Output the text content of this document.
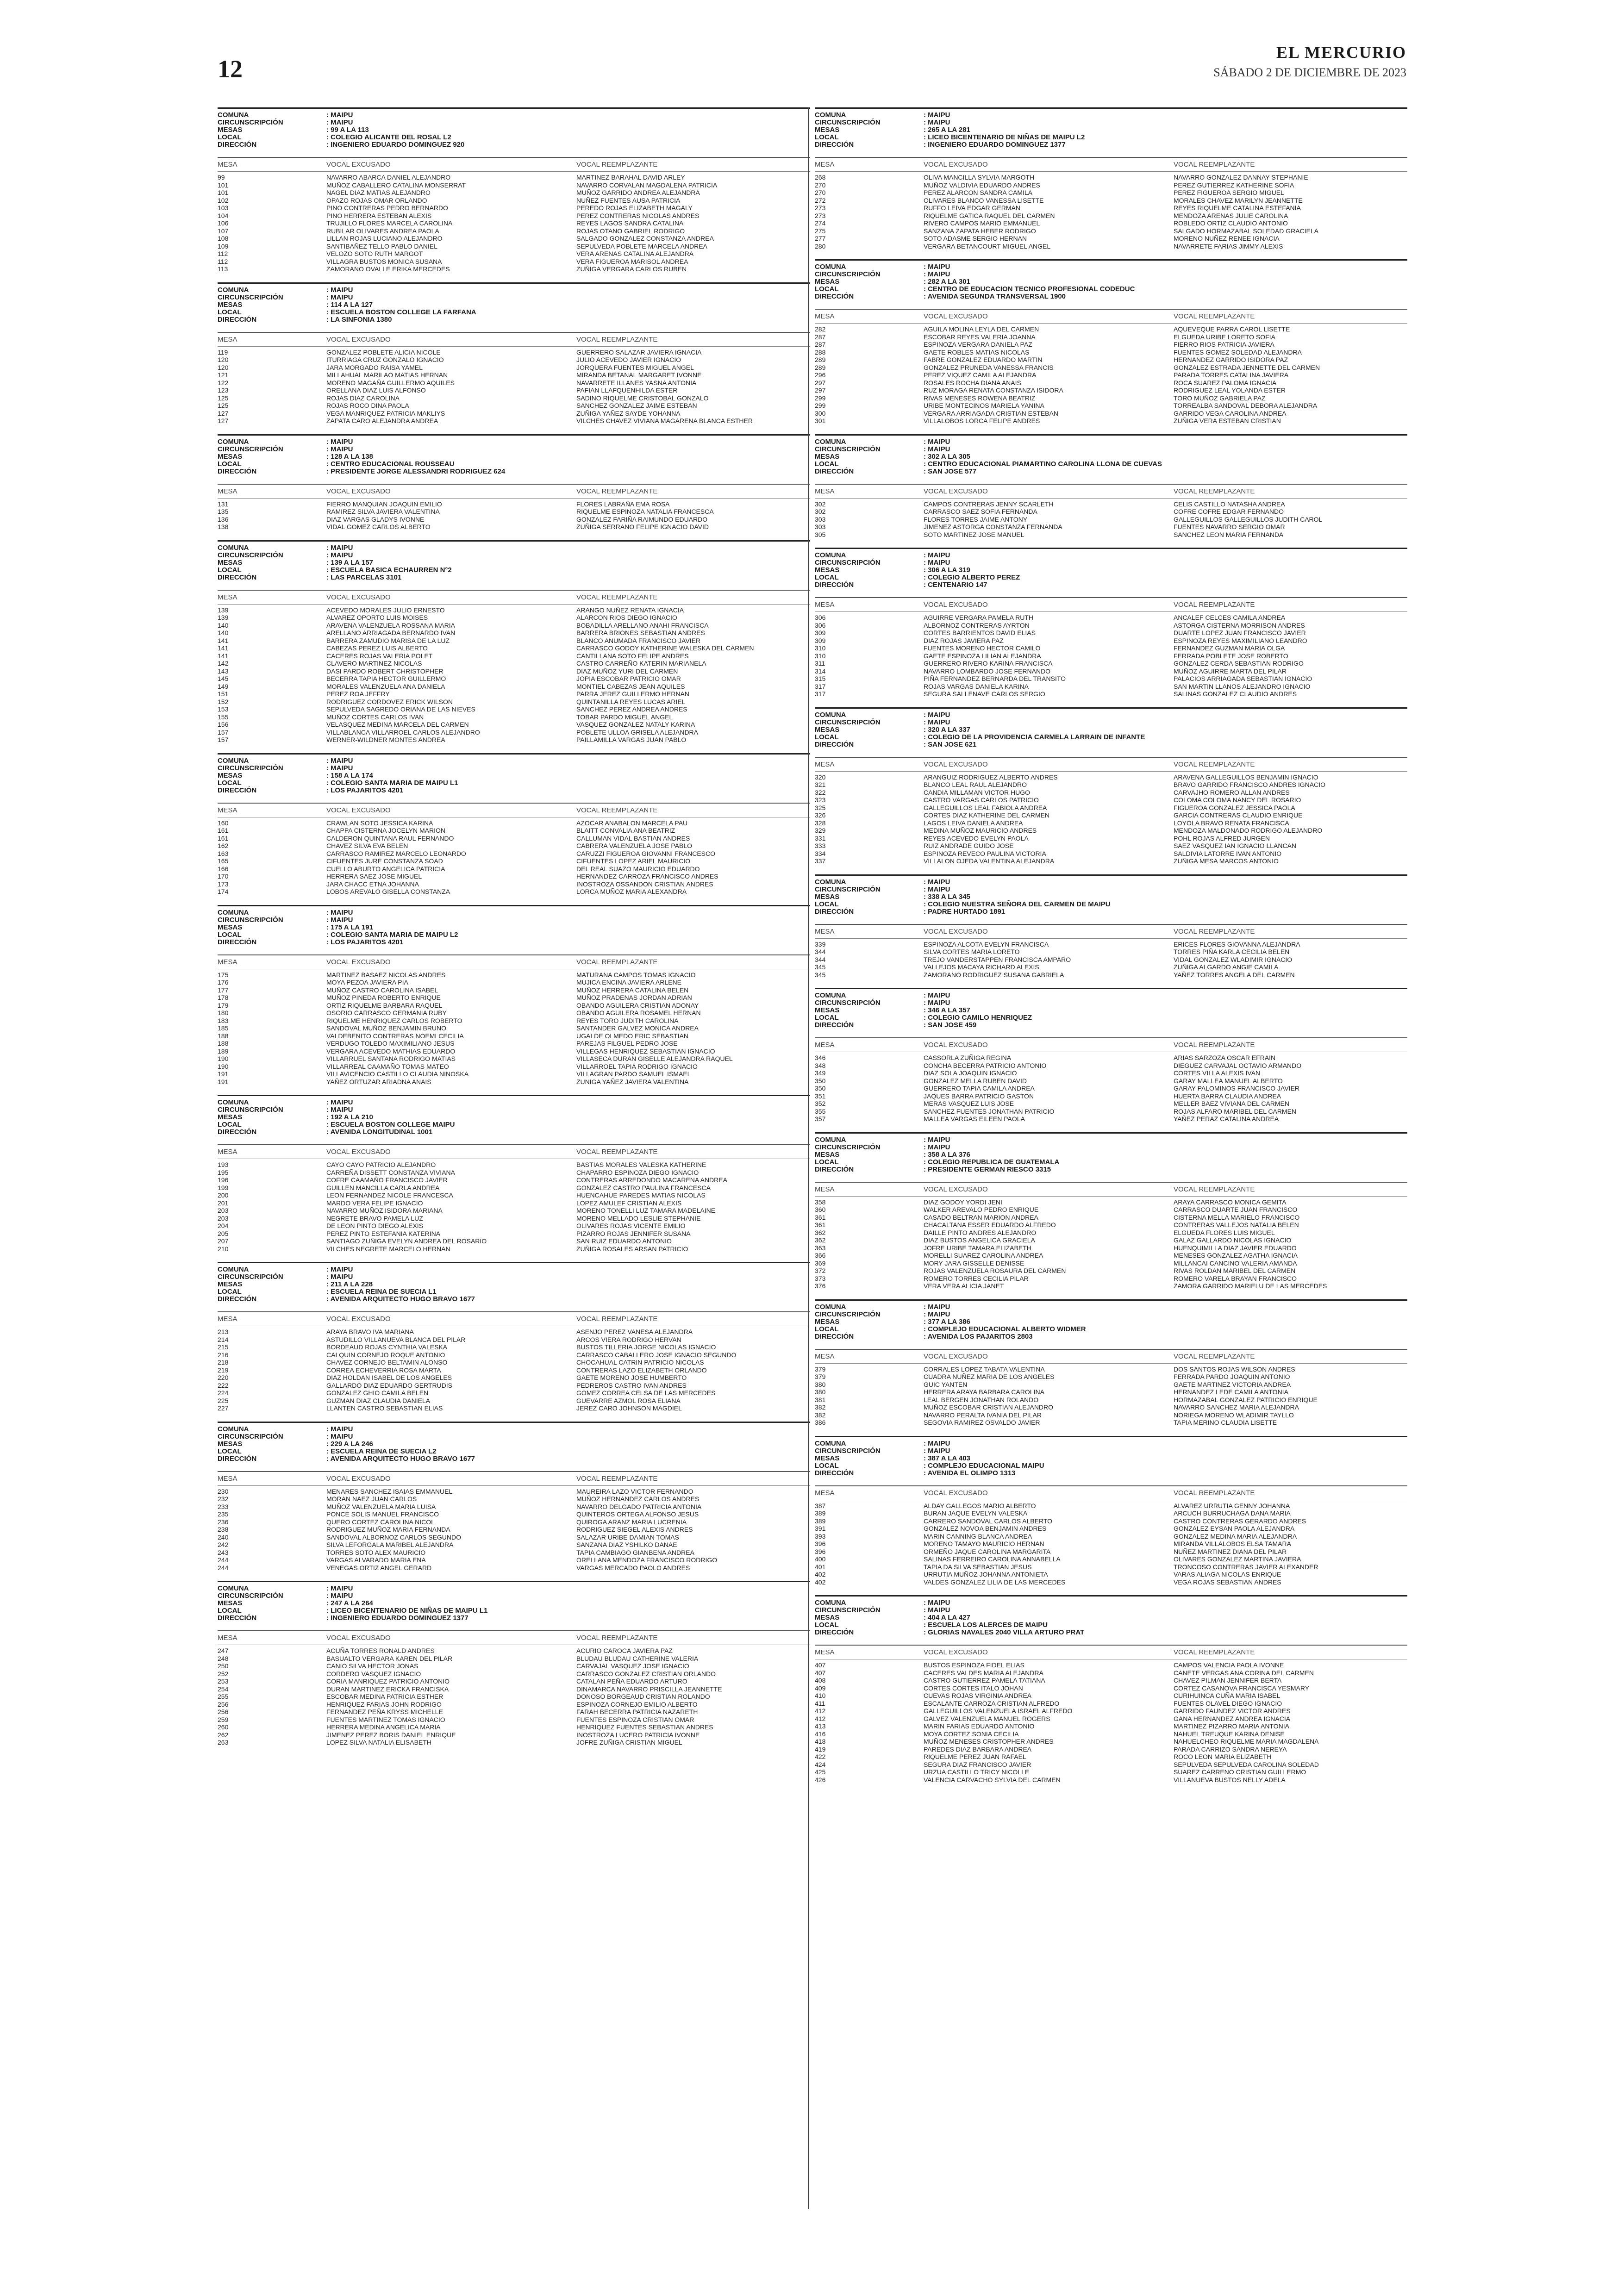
12
EL MERCURIO
SÁBADO 2 DE DICIEMBRE DE 2023
COMUNA	: MAIPU
CIRCUNSCRIPCIÓN	: MAIPU
MESAS	: 99 A LA 113
LOCAL	: COLEGIO ALICANTE DEL ROSAL L2
DIRECCIÓN	: INGENIERO EDUARDO DOMINGUEZ 920
MESA	VOCAL EXCUSADO	VOCAL REEMPLAZANTE
99	NAVARRO ABARCA DANIEL ALEJANDRO	MARTINEZ BARAHAL DAVID ARLEY
101	MUÑOZ CABALLERO CATALINA MONSERRAT	NAVARRO CORVALAN MAGDALENA PATRICIA
101	NAGEL DIAZ MATIAS ALEJANDRO	MUÑOZ GARRIDO ANDREA ALEJANDRA
102	OPAZO ROJAS OMAR ORLANDO	NUÑEZ FUENTES AUSA PATRICIA
103	PINO CONTRERAS PEDRO BERNARDO	PEREDO ROJAS ELIZABETH MAGALY
104	PINO HERRERA ESTEBAN ALEXIS	PEREZ CONTRERAS NICOLAS ANDRES
106	TRUJILLO FLORES MARCELA CAROLINA	REYES LAGOS SANDRA CATALINA
107	RUBILAR OLIVARES ANDREA PAOLA	ROJAS OTANO GABRIEL RODRIGO
108	LILLAN ROJAS LUCIANO ALEJANDRO	SALGADO GONZALEZ CONSTANZA ANDREA
109	SANTIBAÑEZ TELLO PABLO DANIEL	SEPULVEDA POBLETE MARCELA ANDREA
112	VELOZO SOTO RUTH MARGOT	VERA ARENAS CATALINA ALEJANDRA
112	VILLAGRA BUSTOS MONICA SUSANA	VERA FIGUEROA MARISOL ANDREA
113	ZAMORANO OVALLE ERIKA MERCEDES	ZUÑIGA VERGARA CARLOS RUBEN
COMUNA	: MAIPU
CIRCUNSCRIPCIÓN	: MAIPU
MESAS	: 114 A LA 127
LOCAL	: ESCUELA BOSTON COLLEGE LA FARFANA
DIRECCIÓN	: LA SINFONIA 1380
MESA	VOCAL EXCUSADO	VOCAL REEMPLAZANTE
119	GONZALEZ POBLETE ALICIA NICOLE	GUERRERO SALAZAR JAVIERA IGNACIA
120	ITURRIAGA CRUZ GONZALO IGNACIO	JULIO ACEVEDO JAVIER IGNACIO
120	JARA MORGADO RAISA YAMEL	JORQUERA FUENTES MIGUEL ANGEL
121	MILLAHUAL MARILAO MATIAS HERNAN	MIRANDA BETANAL MARGARET IVONNE
122	MORENO MAGAÑA GUILLERMO AQUILES	NAVARRETE ILLANES YASNA ANTONIA
123	ORELLANA DIAZ LUIS ALFONSO	PAFIAN LLAFQUENHILDA ESTER
125	ROJAS DIAZ CAROLINA	SADINO RIQUELME CRISTOBAL GONZALO
125	ROJAS ROCO DINA PAOLA	SANCHEZ GONZALEZ JAIME ESTEBAN
127	VEGA MANRIQUEZ PATRICIA MAKLIYS	ZUÑIGA YAÑEZ SAYDE YOHANNA
127	ZAPATA CARO ALEJANDRA ANDREA	VILCHES CHAVEZ VIVIANA MAGARENA BLANCA ESTHER
COMUNA	: MAIPU
CIRCUNSCRIPCIÓN	: MAIPU
MESAS	: 128 A LA 138
LOCAL	: CENTRO EDUCACIONAL ROUSSEAU
DIRECCIÓN	: PRESIDENTE JORGE ALESSANDRI RODRIGUEZ 624
MESA	VOCAL EXCUSADO	VOCAL REEMPLAZANTE
131	FIERRO MANQUIAN JOAQUIN EMILIO	FLORES LABRAÑA EMA ROSA
135	RAMIREZ SILVA JAVIERA VALENTINA	RIQUELME ESPINOZA NATALIA FRANCESCA
136	DIAZ VARGAS GLADYS IVONNE	GONZALEZ FARIÑA RAIMUNDO EDUARDO
138	VIDAL GOMEZ CARLOS ALBERTO	ZUÑIGA SERRANO FELIPE IGNACIO DAVID
COMUNA	: MAIPU
CIRCUNSCRIPCIÓN	: MAIPU
MESAS	: 139 A LA 157
LOCAL	: ESCUELA BASICA ECHAURREN N°2
DIRECCIÓN	: LAS PARCELAS 3101
MESA	VOCAL EXCUSADO	VOCAL REEMPLAZANTE
139	ACEVEDO MORALES JULIO ERNESTO	ARANGO NUÑEZ RENATA IGNACIA
139	ALVAREZ OPORTO LUIS MOISES	ALARCON RIOS DIEGO IGNACIO
140	ARAVENA VALENZUELA ROSSANA MARIA	BOBADILLA ARELLANO ANAHI FRANCISCA
140	ARELLANO ARRIAGADA BERNARDO IVAN	BARRERA BRIONES SEBASTIAN ANDRES
141	BARRERA ZAMUDIO MARISA DE LA LUZ	BLANCO ANUMADA FRANCISCO JAVIER
141	CABEZAS PEREZ LUIS ALBERTO	CARRASCO GODOY KATHERINE WALESKA DEL CARMEN
141	CACERES ROJAS VALERIA POLET	CANTILLANA SOTO FELIPE ANDRES
142	CLAVERO MARTINEZ NICOLAS	CASTRO CARREÑO KATERIN MARIANELA
143	DASI PARDO ROBERT CHRISTOPHER	DIAZ MUÑOZ YURI DEL CARMEN
145	BECERRA TAPIA HECTOR GUILLERMO	JOPIA ESCOBAR PATRICIO OMAR
149	MORALES VALENZUELA ANA DANIELA	MONTIEL CABEZAS JEAN AQUILES
151	PEREZ ROA JEFFRY	PARRA JEREZ GUILLERMO HERNAN
152	RODRIGUEZ CORDOVEZ ERICK WILSON	QUINTANILLA REYES LUCAS ARIEL
153	SEPULVEDA SAGREDO ORIANA DE LAS NIEVES	SANCHEZ PEREZ ANDREA ANDRES
155	MUÑOZ CORTES CARLOS IVAN	TOBAR PARDO MIGUEL ANGEL
156	VELASQUEZ MEDINA MARCELA DEL CARMEN	VASQUEZ GONZALEZ NATALY KARINA
157	VILLABLANCA VILLARROEL CARLOS ALEJANDRO	POBLETE ULLOA GRISELA ALEJANDRA
157	WERNER-WILDNER MONTES ANDREA	PAILLAMILLA VARGAS JUAN PABLO
COMUNA	: MAIPU
CIRCUNSCRIPCIÓN	: MAIPU
MESAS	: 158 A LA 174
LOCAL	: COLEGIO SANTA MARIA DE MAIPU L1
DIRECCIÓN	: LOS PAJARITOS 4201
MESA	VOCAL EXCUSADO	VOCAL REEMPLAZANTE
160	CRAWLAN SOTO JESSICA KARINA	AZOCAR ANABALON MARCELA PAU
161	CHAPPA CISTERNA JOCELYN MARION	BLAITT CONVALIA ANA BEATRIZ
161	CALDERON QUINTANA RAUL FERNANDO	CALLUMAN VIDAL BASTIAN ANDRES
162	CHAVEZ SILVA EVA BELEN	CABRERA VALENZUELA JOSE PABLO
163	CARRASCO RAMIREZ MARCELO LEONARDO	CARUZZI FIGUEROA GIOVANNI FRANCESCO
165	CIFUENTES JURE CONSTANZA SOAD	CIFUENTES LOPEZ ARIEL MAURICIO
166	CUELLO ABURTO ANGELICA PATRICIA	DEL REAL SUAZO MAURICIO EDUARDO
170	HERRERA SAEZ JOSE MIGUEL	HERNANDEZ CARROZA FRANCISCO ANDRES
173	JARA CHACC ETNA JOHANNA	INOSTROZA OSSANDON CRISTIAN ANDRES
174	LOBOS AREVALO GISELLA CONSTANZA	LORCA MUÑOZ MARIA ALEXANDRA
COMUNA	: MAIPU
CIRCUNSCRIPCIÓN	: MAIPU
MESAS	: 175 A LA 191
LOCAL	: COLEGIO SANTA MARIA DE MAIPU L2
DIRECCIÓN	: LOS PAJARITOS 4201
MESA	VOCAL EXCUSADO	VOCAL REEMPLAZANTE
175	MARTINEZ BASAEZ NICOLAS ANDRES	MATURANA CAMPOS TOMAS IGNACIO
176	MOYA PEZOA JAVIERA PIA	MUJICA ENCINA JAVIERA ARLENE
177	MUÑOZ CASTRO CAROLINA ISABEL	MUÑOZ HERRERA CATALINA BELEN
178	MUÑOZ PINEDA ROBERTO ENRIQUE	MUÑOZ PRADENAS JORDAN ADRIAN
179	ORTIZ RIQUELME BARBARA RAQUEL	OBANDO AGUILERA CRISTIAN ADONAY
180	OSORIO CARRASCO GERMANIA RUBY	OBANDO AGUILERA ROSAMEL HERNAN
183	RIQUELME HENRIQUEZ CARLOS ROBERTO	REYES TORO JUDITH CAROLINA
185	SANDOVAL MUÑOZ BENJAMIN BRUNO	SANTANDER GALVEZ MONICA ANDREA
188	VALDEBENITO CONTRERAS NOEMI CECILIA	UGALDE OLMEDO ERIC SEBASTIAN
188	VERDUGO TOLEDO MAXIMILIANO JESUS	PAREJAS FILGUEL PEDRO JOSE
189	VERGARA ACEVEDO MATHIAS EDUARDO	VILLEGAS HENRIQUEZ SEBASTIAN IGNACIO
190	VILLARRUEL SANTANA RODRIGO MATIAS	VILLASECA DURAN GISELLE ALEJANDRA RAQUEL
190	VILLARREAL CAAMAÑO TOMAS MATEO	VILLARROEL TAPIA RODRIGO IGNACIO
191	VILLAVICENCIO CASTILLO CLAUDIA NINOSKA	VILLAGRAN PARDO SAMUEL ISMAEL
191	YAÑEZ ORTUZAR ARIADNA ANAIS	ZUNIGA YAÑEZ JAVIERA VALENTINA
COMUNA	: MAIPU
CIRCUNSCRIPCIÓN	: MAIPU
MESAS	: 192 A LA 210
LOCAL	: ESCUELA BOSTON COLLEGE MAIPU
DIRECCIÓN	: AVENIDA LONGITUDINAL 1001
MESA	VOCAL EXCUSADO	VOCAL REEMPLAZANTE
193	CAYO CAYO PATRICIO ALEJANDRO	BASTIAS MORALES VALESKA KATHERINE
195	CARREÑA DISSETT CONSTANZA VIVIANA	CHAPARRO ESPINOZA DIEGO IGNACIO
196	COFRE CAAMAÑO FRANCISCO JAVIER	CONTRERAS ARREDONDO MACARENA ANDREA
199	GUILLEN MANCILLA CARLA ANDREA	GONZALEZ CASTRO PAULINA FRANCESCA
200	LEON FERNANDEZ NICOLE FRANCESCA	HUENCAHUE PAREDES MATIAS NICOLAS
201	MARDO VERA FELIPE IGNACIO	LOPEZ AMULEF CRISTIAN ALEXIS
203	NAVARRO MUÑOZ ISIDORA MARIANA	MORENO TONELLI LUZ TAMARA MADELAINE
203	NEGRETE BRAVO PAMELA LUZ	MORENO MELLADO LESLIE STEPHANIE
204	DE LEON PINTO DIEGO ALEXIS	OLIVARES ROJAS VICENTE EMILIO
205	PEREZ PINTO ESTEFANIA KATERINA	PIZARRO ROJAS JENNIFER SUSANA
207	SANTIAGO ZUÑIGA EVELYN ANDREA DEL ROSARIO	SAN RUIZ EDUARDO ANTONIO
210	VILCHES NEGRETE MARCELO HERNAN	ZUÑIGA ROSALES ARSAN PATRICIO
COMUNA	: MAIPU
CIRCUNSCRIPCIÓN	: MAIPU
MESAS	: 211 A LA 228
LOCAL	: ESCUELA REINA DE SUECIA L1
DIRECCIÓN	: AVENIDA ARQUITECTO HUGO BRAVO 1677
MESA	VOCAL EXCUSADO	VOCAL REEMPLAZANTE
213	ARAYA BRAVO IVA MARIANA	ASENJO PEREZ VANESA ALEJANDRA
214	ASTUDILLO VILLANUEVA BLANCA DEL PILAR	ARCOS VIERA RODRIGO HERVAN
215	BORDEAUD ROJAS CYNTHIA VALESKA	BUSTOS TILLERIA JORGE NICOLAS IGNACIO
216	CALQUIN CORNEJO ROQUE ANTONIO	CARRASCO CABALLERO JOSE IGNACIO SEGUNDO
218	CHAVEZ CORNEJO BELTAMIN ALONSO	CHOCAHUAL CATRIN PATRICIO NICOLAS
219	CORREA ECHEVERRIA ROSA MARTA	CONTRERAS LAZO ELIZABETH ORLANDO
220	DIAZ HOLDAN ISABEL DE LOS ANGELES	GAETE MORENO JOSE HUMBERTO
222	GALLARDO DIAZ EDUARDO GERTRUDIS	PEDREROS CASTRO IVAN ANDRES
224	GONZALEZ GHIO CAMILA BELEN	GOMEZ CORREA CELSA DE LAS MERCEDES
225	GUZMAN DIAZ CLAUDIA DANIELA	GUEVARRE AZMOL ROSA ELIANA
227	LLANTEN CASTRO SEBASTIAN ELIAS	JEREZ CARO JOHNSON MAGDIEL
COMUNA	: MAIPU
CIRCUNSCRIPCIÓN	: MAIPU
MESAS	: 229 A LA 246
LOCAL	: ESCUELA REINA DE SUECIA L2
DIRECCIÓN	: AVENIDA ARQUITECTO HUGO BRAVO 1677
MESA	VOCAL EXCUSADO	VOCAL REEMPLAZANTE
230	MENARES SANCHEZ ISAIAS EMMANUEL	MAUREIRA LAZO VICTOR FERNANDO
232	MORAN NAEZ JUAN CARLOS	MUÑOZ HERNANDEZ CARLOS ANDRES
233	MUÑOZ VALENZUELA MARIA LUISA	NAVARRO DELGADO PATRICIA ANTONIA
235	PONCE SOLIS MANUEL FRANCISCO	QUINTEROS ORTEGA ALFONSO JESUS
236	QUERO CORTEZ CAROLINA NICOL	QUIROGA ARANZ MARIA LUCRENIA
238	RODRIGUEZ MUÑOZ MARIA FERNANDA	RODRIGUEZ SIEGEL ALEXIS ANDRES
240	SANDOVAL ALBORNOZ CARLOS SEGUNDO	SALAZAR URIBE DAMIAN TOMAS
242	SILVA LEFORGALA MARIBEL ALEJANDRA	SANZANA DIAZ YSHILKO DANAE
243	TORRES SOTO ALEX MAURICIO	TAPIA CAMBIAGO GIANBENA ANDREA
244	VARGAS ALVARADO MARIA ENA	ORELLANA MENDOZA FRANCISCO RODRIGO
244	VENEGAS ORTIZ ANGEL GERARD	VARGAS MERCADO PAOLO ANDRES
COMUNA	: MAIPU
CIRCUNSCRIPCIÓN	: MAIPU
MESAS	: 247 A LA 264
LOCAL	: LICEO BICENTENARIO DE NIÑAS DE MAIPU L1
DIRECCIÓN	: INGENIERO EDUARDO DOMINGUEZ 1377
MESA	VOCAL EXCUSADO	VOCAL REEMPLAZANTE
247	ACUÑA TORRES RONALD ANDRES	ACURIO CAROCA JAVIERA PAZ
248	BASUALTO VERGARA KAREN DEL PILAR	BLUDAU BLUDAU CATHERINE VALERIA
250	CANIO SILVA HECTOR JONAS	CARVAJAL VASQUEZ JOSE IGNACIO
252	CORDERO VASQUEZ IGNACIO	CARRASCO GONZALEZ CRISTIAN ORLANDO
253	CORIA MANRIQUEZ PATRICIO ANTONIO	CATALAN PEÑA EDUARDO ARTURO
254	DURAN MARTINEZ ERICKA FRANCISKA	DINAMARCA NAVARRO PRISCILLA JEANNETTE
255	ESCOBAR MEDINA PATRICIA ESTHER	DONOSO BORGEAUD CRISTIAN ROLANDO
256	HENRIQUEZ FARIAS JOHN RODRIGO	ESPINOZA CORNEJO EMILIO ALBERTO
256	FERNANDEZ PEÑA KRYSS MICHELLE	FARAH BECERRA PATRICIA NAZARETH
259	FUENTES MARTINEZ TOMAS IGNACIO	FUENTES ESPINOZA CRISTIAN OMAR
260	HERRERA MEDINA ANGELICA MARIA	HENRIQUEZ FUENTES SEBASTIAN ANDRES
262	JIMENEZ PEREZ BORIS DANIEL ENRIQUE	INOSTROZA LUCERO PATRICIA IVONNE
263	LOPEZ SILVA NATALIA ELISABETH	JOFRE ZUÑIGA CRISTIAN MIGUEL
COMUNA	: MAIPU
CIRCUNSCRIPCIÓN	: MAIPU
MESAS	: 265 A LA 281
LOCAL	: LICEO BICENTENARIO DE NIÑAS DE MAIPU L2
DIRECCIÓN	: INGENIERO EDUARDO DOMINGUEZ 1377
MESA	VOCAL EXCUSADO	VOCAL REEMPLAZANTE
268	OLIVA MANCILLA SYLVIA MARGOTH	NAVARRO GONZALEZ DANNAY STEPHANIE
270	MUÑOZ VALDIVIA EDUARDO ANDRES	PEREZ GUTIERREZ KATHERINE SOFIA
270	PEREZ ALARCON SANDRA CAMILA	PEREZ FIGUEROA SERGIO MIGUEL
272	OLIVARES BLANCO VANESSA LISETTE	MORALES CHAVEZ MARILYN JEANNETTE
273	RUFFO LEIVA EDGAR GERMAN	REYES RIQUELME CATALINA ESTEFANIA
273	RIQUELME GATICA RAQUEL DEL CARMEN	MENDOZA ARENAS JULIE CAROLINA
274	RIVERO CAMPOS MARIO EMMANUEL	ROBLEDO ORTIZ CLAUDIO ANTONIO
275	SANZANA ZAPATA HEBER RODRIGO	SALGADO HORMAZABAL SOLEDAD GRACIELA
277	SOTO ADASME SERGIO HERNAN	MORENO NUÑEZ RENEE IGNACIA
280	VERGARA BETANCOURT MIGUEL ANGEL	NAVARRETE FARIAS JIMMY ALEXIS
COMUNA	: MAIPU
CIRCUNSCRIPCIÓN	: MAIPU
MESAS	: 282 A LA 301
LOCAL	: CENTRO DE EDUCACION TECNICO PROFESIONAL CODEDUC
DIRECCIÓN	: AVENIDA SEGUNDA TRANSVERSAL 1900
MESA	VOCAL EXCUSADO	VOCAL REEMPLAZANTE
282	AGUILA MOLINA LEYLA DEL CARMEN	AQUEVEQUE PARRA CAROL LISETTE
287	ESCOBAR REYES VALERIA JOANNA	ELGUEDA URIBE LORETO SOFIA
287	ESPINOZA VERGARA DANIELA PAZ	FIERRO RIOS PATRICIA JAVIERA
288	GAETE ROBLES MATIAS NICOLAS	FUENTES GOMEZ SOLEDAD ALEJANDRA
289	FABRE GONZALEZ EDUARDO MARTIN	HERNANDEZ GARRIDO ISIDORA PAZ
289	GONZALEZ PRUNEDA VANESSA FRANCIS	GONZALEZ ESTRADA JENNETTE DEL CARMEN
296	PEREZ VIQUEZ CAMILA ALEJANDRA	PARADA TORRES CATALINA JAVIERA
297	ROSALES ROCHA DIANA ANAIS	ROCA SUAREZ PALOMA IGNACIA
297	RUZ MORAGA RENATA CONSTANZA ISIDORA	RODRIGUEZ LEAL YOLANDA ESTER
299	RIVAS MENESES ROWENA BEATRIZ	TORO MUÑOZ GABRIELA PAZ
299	URIBE MONTECINOS MARIELA YANINA	TORREALBA SANDOVAL DEBORA ALEJANDRA
300	VERGARA ARRIAGADA CRISTIAN ESTEBAN	GARRIDO VEGA CAROLINA ANDREA
301	VILLALOBOS LORCA FELIPE ANDRES	ZUÑIGA VERA ESTEBAN CRISTIAN
COMUNA	: MAIPU
CIRCUNSCRIPCIÓN	: MAIPU
MESAS	: 302 A LA 305
LOCAL	: CENTRO EDUCACIONAL PIAMARTINO CAROLINA LLONA DE CUEVAS
DIRECCIÓN	: SAN JOSE 577
MESA	VOCAL EXCUSADO	VOCAL REEMPLAZANTE
302	CAMPOS CONTRERAS JENNY SCARLETH	CELIS CASTILLO NATASHA ANDREA
302	CARRASCO SAEZ SOFIA FERNANDA	COFRE COFRE EDGAR FERNANDO
303	FLORES TORRES JAIME ANTONY	GALLEGUILLOS GALLEGUILLOS JUDITH CAROL
303	JIMENEZ ASTORGA CONSTANZA FERNANDA	FUENTES NAVARRO SERGIO OMAR
305	SOTO MARTINEZ JOSE MANUEL	SANCHEZ LEON MARIA FERNANDA
COMUNA	: MAIPU
CIRCUNSCRIPCIÓN	: MAIPU
MESAS	: 306 A LA 319
LOCAL	: COLEGIO ALBERTO PEREZ
DIRECCIÓN	: CENTENARIO 147
MESA	VOCAL EXCUSADO	VOCAL REEMPLAZANTE
306	AGUIRRE VERGARA PAMELA RUTH	ANCALEF CELCES CAMILA ANDREA
306	ALBORNOZ CONTRERAS AYRTON	ASTORGA CISTERNA MORRISON ANDRES
309	CORTES BARRIENTOS DAVID ELIAS	DUARTE LOPEZ JUAN FRANCISCO JAVIER
309	DIAZ ROJAS JAVIERA PAZ	ESPINOZA REYES MAXIMILIANO LEANDRO
310	FUENTES MORENO HECTOR CAMILO	FERNANDEZ GUZMAN MARIA OLGA
310	GAETE ESPINOZA LILIAN ALEJANDRA	FERRADA POBLETE JOSE ROBERTO
311	GUERRERO RIVERO KARINA FRANCISCA	GONZALEZ CERDA SEBASTIAN RODRIGO
314	NAVARRO LOMBARDO JOSE FERNANDO	MUÑOZ AGUIRRE MARTA DEL PILAR
315	PIÑA FERNANDEZ BERNARDA DEL TRANSITO	PALACIOS ARRIAGADA SEBASTIAN IGNACIO
317	ROJAS VARGAS DANIELA KARINA	SAN MARTIN LLANOS ALEJANDRO IGNACIO
317	SEGURA SALLENAVE CARLOS SERGIO	SALINAS GONZALEZ CLAUDIO ANDRES
COMUNA	: MAIPU
CIRCUNSCRIPCIÓN	: MAIPU
MESAS	: 320 A LA 337
LOCAL	: COLEGIO DE LA PROVIDENCIA CARMELA LARRAIN DE INFANTE
DIRECCIÓN	: SAN JOSE 621
MESA	VOCAL EXCUSADO	VOCAL REEMPLAZANTE
320	ARANGUIZ RODRIGUEZ ALBERTO ANDRES	ARAVENA GALLEGUILLOS BENJAMIN IGNACIO
321	BLANCO LEAL RAUL ALEJANDRO	BRAVO GARRIDO FRANCISCO ANDRES IGNACIO
322	CANDIA MILLAMAN VICTOR HUGO	CARVAJHO ROMERO ALLAN ANDRES
323	CASTRO VARGAS CARLOS PATRICIO	COLOMA COLOMA NANCY DEL ROSARIO
325	GALLEGUILLOS LEAL FABIOLA ANDREA	FIGUEROA GONZALEZ JESSICA PAOLA
326	CORTES DIAZ KATHERINE DEL CARMEN	GARCIA CONTRERAS CLAUDIO ENRIQUE
328	LAGOS LEIVA DANIELA ANDREA	LOYOLA BRAVO RENATA FRANCISCA
329	MEDINA MUÑOZ MAURICIO ANDRES	MENDOZA MALDONADO RODRIGO ALEJANDRO
331	REYES ACEVEDO EVELYN PAOLA	POHL ROJAS ALFRED JURGEN
333	RUIZ ANDRADE GUIDO JOSE	SAEZ VASQUEZ IAN IGNACIO LLANCAN
334	ESPINOZA REVECO PAULINA VICTORIA	SALDIVIA LATORRE IVAN ANTONIO
337	VILLALON OJEDA VALENTINA ALEJANDRA	ZUÑIGA MESA MARCOS ANTONIO
COMUNA	: MAIPU
CIRCUNSCRIPCIÓN	: MAIPU
MESAS	: 338 A LA 345
LOCAL	: COLEGIO NUESTRA SEÑORA DEL CARMEN DE MAIPU
DIRECCIÓN	: PADRE HURTADO 1891
MESA	VOCAL EXCUSADO	VOCAL REEMPLAZANTE
339	ESPINOZA ALCOTA EVELYN FRANCISCA	ERICES FLORES GIOVANNA ALEJANDRA
344	SILVA CORTES MARIA LORETO	TORRES PIÑA KARLA CECILIA BELEN
344	TREJO VANDERSTAPPEN FRANCISCA AMPARO	VIDAL GONZALEZ WLADIMIR IGNACIO
345	VALLEJOS MACAYA RICHARD ALEXIS	ZUÑIGA ALGARDO ANGIE CAMILA
345	ZAMORANO RODRIGUEZ SUSANA GABRIELA	YAÑEZ TORRES ANGELA DEL CARMEN
COMUNA	: MAIPU
CIRCUNSCRIPCIÓN	: MAIPU
MESAS	: 346 A LA 357
LOCAL	: COLEGIO CAMILO HENRIQUEZ
DIRECCIÓN	: SAN JOSE 459
MESA	VOCAL EXCUSADO	VOCAL REEMPLAZANTE
346	CASSORLA ZUÑIGA REGINA	ARIAS SARZOZA OSCAR EFRAIN
348	CONCHA BECERRA PATRICIO ANTONIO	DIEGUEZ CARVAJAL OCTAVIO ARMANDO
349	DIAZ SOLA JOAQUIN IGNACIO	CORTES VILLA ALEXIS IVAN
350	GONZALEZ MELLA RUBEN DAVID	GARAY MALLEA MANUEL ALBERTO
350	GUERRERO TAPIA CAMILA ANDREA	GARAY PALOMINOS FRANCISCO JAVIER
351	JAQUES BARRA PATRICIO GASTON	HUERTA BARRA CLAUDIA ANDREA
352	MERAS VASQUEZ LUIS JOSE	MELLER BAEZ VIVIANA DEL CARMEN
355	SANCHEZ FUENTES JONATHAN PATRICIO	ROJAS ALFARO MARIBEL DEL CARMEN
357	MALLEA VARGAS EILEEN PAOLA	YAÑEZ PERAZ CATALINA ANDREA
COMUNA	: MAIPU
CIRCUNSCRIPCIÓN	: MAIPU
MESAS	: 358 A LA 376
LOCAL	: COLEGIO REPUBLICA DE GUATEMALA
DIRECCIÓN	: PRESIDENTE GERMAN RIESCO 3315
MESA	VOCAL EXCUSADO	VOCAL REEMPLAZANTE
358	DIAZ GODOY YORDI JENI	ARAYA CARRASCO MONICA GEMITA
360	WALKER AREVALO PEDRO ENRIQUE	CARRASCO DUARTE JUAN FRANCISCO
361	CASADO BELTRAN MARION ANDREA	CISTERNA MELLA MARIELO FRANCISCO
361	CHACALTANA ESSER EDUARDO ALFREDO	CONTRERAS VALLEJOS NATALIA BELEN
362	DAILLE PINTO ANDRES ALEJANDRO	ELGUEDA FLORES LUIS MIGUEL
362	DIAZ BUSTOS ANGELICA GRACIELA	GALAZ GALLARDO NICOLAS IGNACIO
363	JOFRE URIBE TAMARA ELIZABETH	HUENQUIMILLA DIAZ JAVIER EDUARDO
366	MORELLI SUAREZ CAROLINA ANDREA	MENESES GONZALEZ AGATHA IGNACIA
369	MORY JARA GISSELLE DENISSE	MILLANCAI CANCINO VALERIA AMANDA
372	ROJAS VALENZUELA ROSAURA DEL CARMEN	RIVAS ROLDAN MARIBEL DEL CARMEN
373	ROMERO TORRES CECILIA PILAR	ROMERO VARELA BRAYAN FRANCISCO
376	VERA VERA ALICIA JANET	ZAMORA GARRIDO MARIELU DE LAS MERCEDES
COMUNA	: MAIPU
CIRCUNSCRIPCIÓN	: MAIPU
MESAS	: 377 A LA 386
LOCAL	: COMPLEJO EDUCACIONAL ALBERTO WIDMER
DIRECCIÓN	: AVENIDA LOS PAJARITOS 2803
MESA	VOCAL EXCUSADO	VOCAL REEMPLAZANTE
379	CORRALES LOPEZ TABATA VALENTINA	DOS SANTOS ROJAS WILSON ANDRES
379	CUADRA NUÑEZ MARIA DE LOS ANGELES	FERRADA PARDO JOAQUIN ANTONIO
380	GUIC YANTEN	GAETE MARTINEZ VICTORIA ANDREA
380	HERRERA ARAYA BARBARA CAROLINA	HERNANDEZ LEDE CAMILA ANTONIA
381	LEAL BERGEN JONATHAN ROLANDO	HORMAZABAL GONZALEZ PATRICIO ENRIQUE
382	MUÑOZ ESCOBAR CRISTIAN ALEJANDRO	NAVARRO SANCHEZ MARIA ALEJANDRA
382	NAVARRO PERALTA IVANIA DEL PILAR	NORIEGA MORENO WLADIMIR TAYLLO
386	SEGOVIA RAMIREZ OSVALDO JAVIER	TAPIA MERINO CLAUDIA LISETTE
COMUNA	: MAIPU
CIRCUNSCRIPCIÓN	: MAIPU
MESAS	: 387 A LA 403
LOCAL	: COMPLEJO EDUCACIONAL MAIPU
DIRECCIÓN	: AVENIDA EL OLIMPO 1313
MESA	VOCAL EXCUSADO	VOCAL REEMPLAZANTE
387	ALDAY GALLEGOS MARIO ALBERTO	ALVAREZ URRUTIA GENNY JOHANNA
389	BURAN JAQUE EVELYN VALESKA	ARCUCH BURRUCHAGA DANA MARIA
389	CARRERO SANDOVAL CARLOS ALBERTO	CASTRO CONTRERAS GERARDO ANDRES
391	GONZALEZ NOVOA BENJAMIN ANDRES	GONZALEZ EYSAN PAOLA ALEJANDRA
393	MARIN CANNING BLANCA ANDREA	GONZALEZ MEDINA MARIA ALEJANDRA
396	MORENO TAMAYO MAURICIO HERNAN	MIRANDA VILLALOBOS ELSA TAMARA
396	ORMEÑO JAQUE CAROLINA MARGARITA	NUÑEZ MARTINEZ DIANA DEL PILAR
400	SALINAS FERREIRO CAROLINA ANNABELLA	OLIVARES GONZALEZ MARTINA JAVIERA
401	TAPIA DA SILVA SEBASTIAN JESUS	TRONCOSO CONTRERAS JAVIER ALEXANDER
402	URRUTIA MUÑOZ JOHANNA ANTONIETA	VARAS ALIAGA NICOLAS ENRIQUE
402	VALDES GONZALEZ LILIA DE LAS MERCEDES	VEGA ROJAS SEBASTIAN ANDRES
COMUNA	: MAIPU
CIRCUNSCRIPCIÓN	: MAIPU
MESAS	: 404 A LA 427
LOCAL	: ESCUELA LOS ALERCES DE MAIPU
DIRECCIÓN	: GLORIAS NAVALES 2040 VILLA ARTURO PRAT
MESA	VOCAL EXCUSADO	VOCAL REEMPLAZANTE
407	BUSTOS ESPINOZA FIDEL ELIAS	CAMPOS VALENCIA PAOLA IVONNE
407	CACERES VALDES MARIA ALEJANDRA	CANETE VERGAS ANA CORINA DEL CARMEN
408	CASTRO GUTIERREZ PAMELA TATIANA	CHAVEZ PILMAN JENNIFER BERTA
409	CORTES CORTES ITALO JOHAN	CORTEZ CASANOVA FRANCISCA YESMARY
410	CUEVAS ROJAS VIRGINIA ANDREA	CURIHUINCA CUÑA MARIA ISABEL
411	ESCALANTE CARROZA CRISTIAN ALFREDO	FUENTES OLAVEL DIEGO IGNACIO
412	GALLEGUILLOS VALENZUELA ISRAEL ALFREDO	GARRIDO FAUNDEZ VICTOR ANDRES
412	GALVEZ VALENZUELA MANUEL ROGERS	GANA HERNANDEZ ANDREA IGNACIA
413	MARIN FARIAS EDUARDO ANTONIO	MARTINEZ PIZARRO MARIA ANTONIA
416	MOYA CORTEZ SONIA CECILIA	NAHUEL TREUQUE KARINA DENISE
418	MUÑOZ MENESES CRISTOPHER ANDRES	NAHUELCHEO RIQUELME MARIA MAGDALENA
419	PAREDES DIAZ BARBARA ANDREA	PARADA CARRIZO SANDRA NEREYA
422	RIQUELME PEREZ JUAN RAFAEL	ROCO LEON MARIA ELIZABETH
424	SEGURA DIAZ FRANCISCO JAVIER	SEPULVEDA SEPULVEDA CAROLINA SOLEDAD
425	URZUA CASTILLO TRICY NICOLLE	SUAREZ CARRENO CRISTIAN GUILLERMO
426	VALENCIA CARVACHO SYLVIA DEL CARMEN	VILLANUEVA BUSTOS NELLY ADELA
